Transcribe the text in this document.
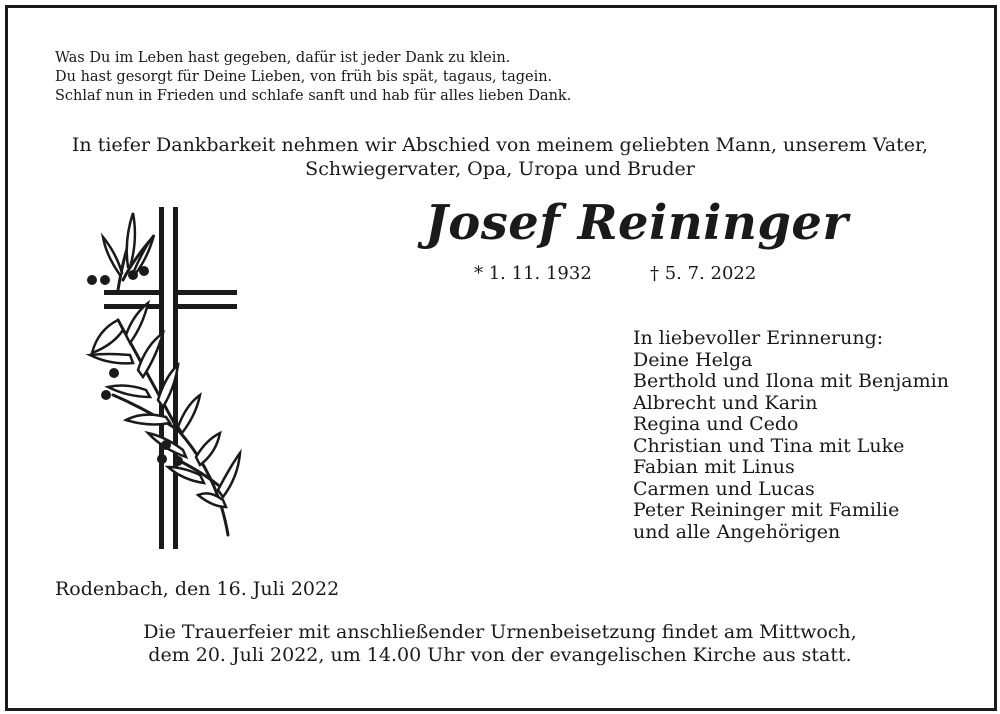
Was Du im Leben hast gegeben, dafür ist jeder Dank zu klein.
Du hast gesorgt für Deine Lieben, von früh bis spät, tagaus, tagein.
Schlaf nun in Frieden und schlafe sanft und hab für alles lieben Dank.
In tiefer Dankbarkeit nehmen wir Abschied von meinem geliebten Mann, unserem Vater,
Schwiegervater, Opa, Uropa und Bruder
Josef Reininger
* 1. 11. 1932	† 5. 7. 2022
In liebevoller Erinnerung:
Deine Helga
Berthold und Ilona mit Benjamin
Albrecht und Karin
Regina und Cedo
Christian und Tina mit Luke
Fabian mit Linus
Carmen und Lucas
Peter Reininger mit Familie
und alle Angehörigen
Rodenbach, den 16. Juli 2022
Die Trauerfeier mit anschließender Urnenbeisetzung findet am Mittwoch,
dem 20. Juli 2022, um 14.00 Uhr von der evangelischen Kirche aus statt.
